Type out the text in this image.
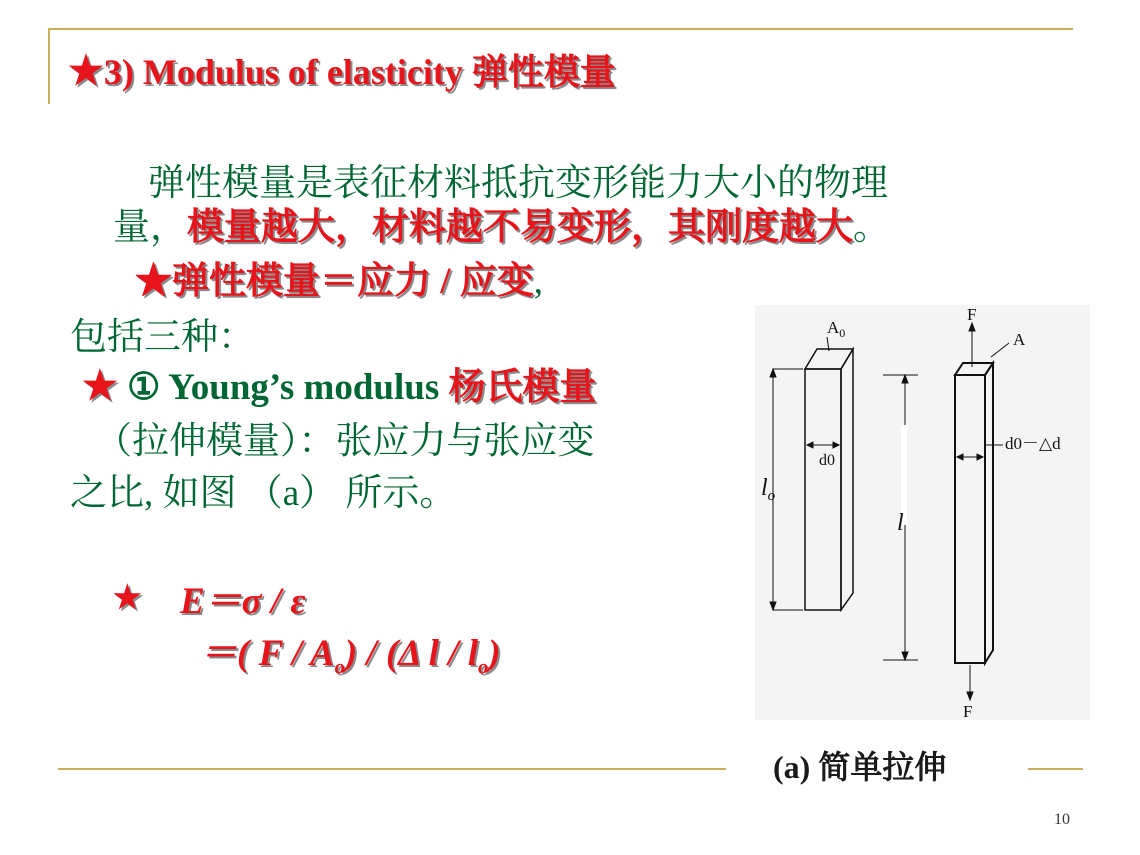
★3) Modulus of elasticity 弹性模量
弹性模量是表征材料抵抗变形能力大小的物理
量，模量越大，材料越不易变形，其刚度越大。
★弹性模量＝应力 / 应变,
包括三种：
★ ① Young’s modulus 杨氏模量
（拉伸模量）：张应力与张应变
之比, 如图 （a） 所示。
★ E＝σ / ε
＝( F / $A_o) / (\Delta$ l / $l_o$)
$A_0$
d0
$l_o$
l
F
F
A
d0－△d
(a) 简单拉伸
10
